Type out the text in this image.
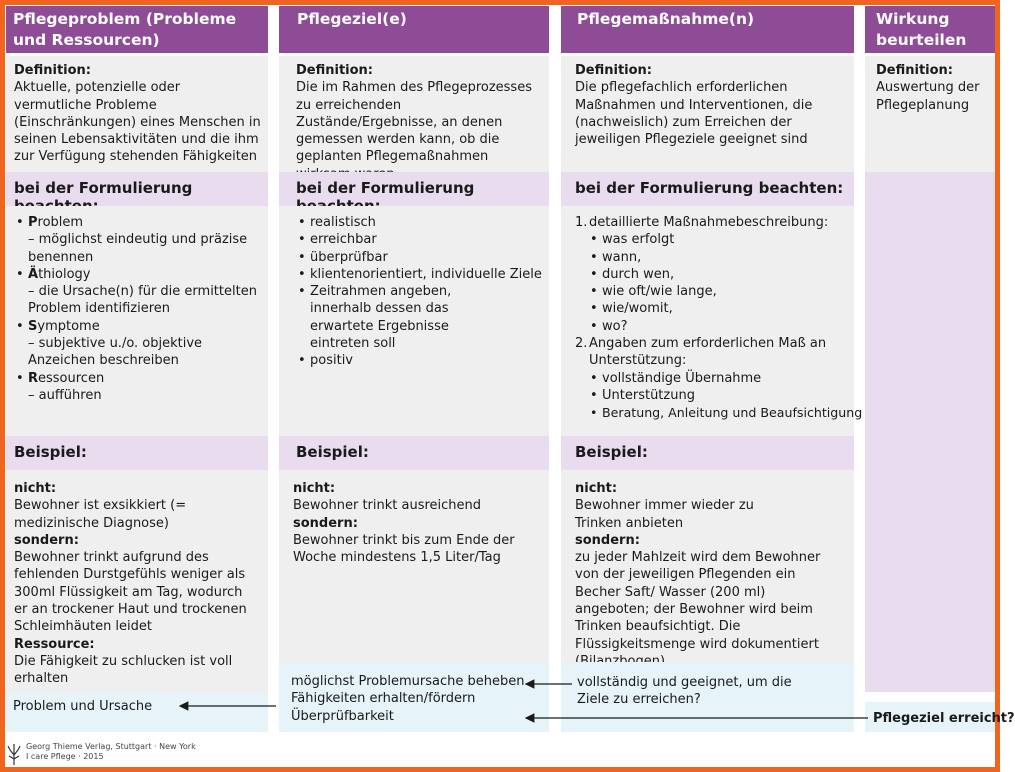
Pflegeproblem (Probleme und Ressourcen)
Definition:
Aktuelle, potenzielle oder vermutliche Probleme (Einschränkungen) eines Menschen in seinen Lebensaktivitäten und die ihm zur Verfügung stehenden Fähigkeiten
bei der Formulierung
• Problem
– möglichst eindeutig und präzise benennen
• Äthiology
– die Ursache(n) für die ermittelten Problem identifizieren
• Symptome
– subjektive u./o. objektive Anzeichen beschreiben
• Ressourcen
– aufführen
Beispiel:
nicht:
Bewohner ist exsikkiert (= medizinische Diagnose)
sondern:
Bewohner trinkt aufgrund des fehlenden Durstgefühls weniger als 300ml Flüssigkeit am Tag, wodurch er an trockener Haut und trockenen Schleimhäuten leidet
Ressource:
Die Fähigkeit zu schlucken ist voll erhalten
Problem und Ursache
Pflegeziel(e)
Definition:
Die im Rahmen des Pflegeprozesses zu erreichenden Zustände/Ergebnisse, an denen gemessen werden kann, ob die geplanten Pflegemaßnahmen
bei der Formulierung
• realistisch
• erreichbar
• überprüfbar
• klientenorientiert, individuelle Ziele
• Zeitrahmen angeben, innerhalb dessen das erwartete Ergebnisse eintreten soll
• positiv
Beispiel:
nicht:
Bewohner trinkt ausreichend
sondern:
Bewohner trinkt bis zum Ende der Woche mindestens 1,5 Liter/Tag
möglichst Problemursache beheben
Fähigkeiten erhalten/fördern
Überprüfbarkeit
Pflegemaßnahme(n)
Definition:
Die pflegefachlich erforderlichen Maßnahmen und Interventionen, die (nachweislich) zum Erreichen der jeweiligen Pflegeziele geeignet sind
bei der Formulierung beachten:
1. detaillierte Maßnahmebeschreibung:
• was erfolgt
• wann,
• durch wen,
• wie oft/wie lange,
• wie/womit,
• wo?
2. Angaben zum erforderlichen Maß an Unterstützung:
• vollständige Übernahme
• Unterstützung
• Beratung, Anleitung und Beaufsichtigung
Beispiel:
nicht:
Bewohner immer wieder zu Trinken anbieten
sondern:
zu jeder Mahlzeit wird dem Bewohner von der jeweiligen Pflegenden ein Becher Saft/ Wasser (200 ml) angeboten; der Bewohner wird beim Trinken beaufsichtigt. Die Flüssigkeitsmenge wird dokumentiert
vollständig und geeignet, um die Ziele zu erreichen?
Wirkung beurteilen
Definition:
Auswertung der Pflegeplanung
Pflegeziel erreicht?
Georg Thieme Verlag, Stuttgart · New York
I care Pflege · 2015
